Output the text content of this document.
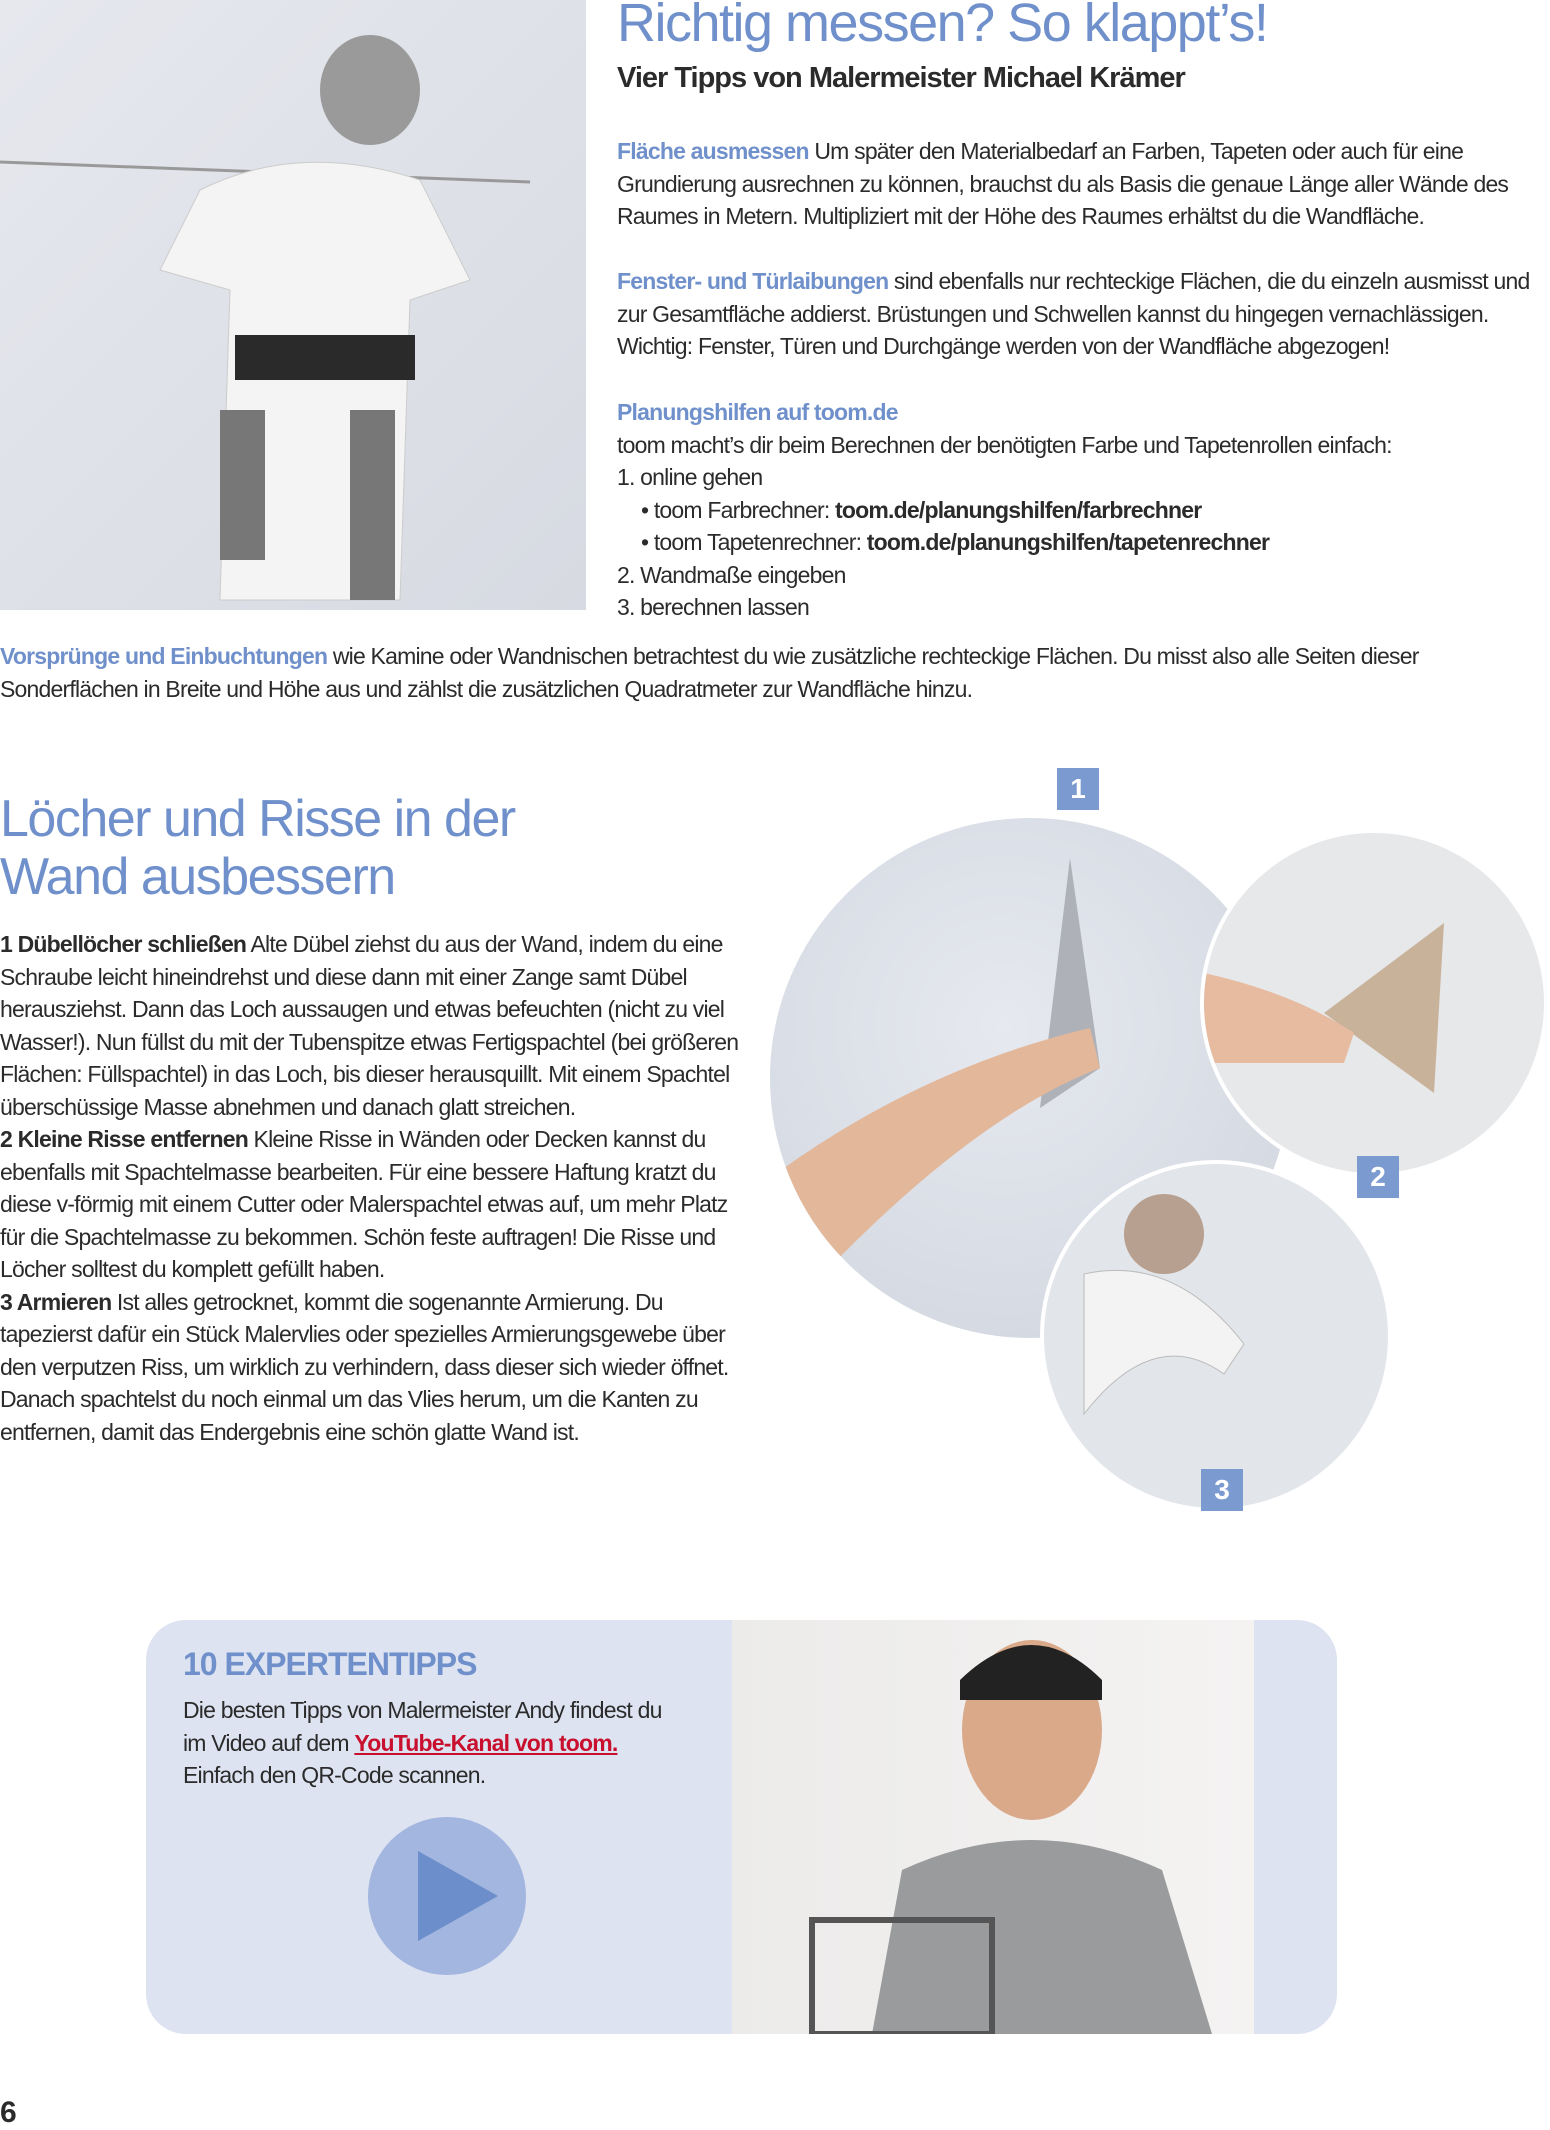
Richtig messen? So klappt’s!
Vier Tipps von Malermeister Michael Krämer

Fläche ausmessen Um später den Materialbedarf an Farben, Tapeten oder auch für eine Grundierung ausrechnen zu können, brauchst du als Basis die genaue Länge aller Wände des Raumes in Metern. Multipliziert mit der Höhe des Raumes erhältst du die Wandfläche.

Fenster- und Türlaibungen sind ebenfalls nur rechteckige Flächen, die du einzeln ausmisst und zur Gesamtfläche addierst. Brüstungen und Schwellen kannst du hingegen vernachlässigen. Wichtig: Fenster, Türen und Durchgänge werden von der Wandfläche abgezogen!

Planungshilfen auf toom.de
toom macht’s dir beim Berechnen der benötigten Farbe und Tapetenrollen einfach:
1. online gehen
• toom Farbrechner: toom.de/planungshilfen/farbrechner
• toom Tapetenrechner: toom.de/planungshilfen/tapetenrechner
2. Wandmaße eingeben
3. berechnen lassen

Vorsprünge und Einbuchtungen wie Kamine oder Wandnischen betrachtest du wie zusätzliche rechteckige Flächen. Du misst also alle Seiten dieser Sonderflächen in Breite und Höhe aus und zählst die zusätzlichen Quadratmeter zur Wandfläche hinzu.

Löcher und Risse in der
Wand ausbessern

1 Dübellöcher schließen Alte Dübel ziehst du aus der Wand, indem du eine Schraube leicht hineindrehst und diese dann mit einer Zange samt Dübel herausziehst. Dann das Loch aussaugen und etwas befeuchten (nicht zu viel Wasser!). Nun füllst du mit der Tubenspitze etwas Fertigspachtel (bei größeren Flächen: Füllspachtel) in das Loch, bis dieser herausquillt. Mit einem Spachtel überschüssige Masse abnehmen und danach glatt streichen.

2 Kleine Risse entfernen Kleine Risse in Wänden oder Decken kannst du ebenfalls mit Spachtelmasse bearbeiten. Für eine bessere Haftung kratzt du diese v-förmig mit einem Cutter oder Malerspachtel etwas auf, um mehr Platz für die Spachtelmasse zu bekommen. Schön feste auftragen! Die Risse und Löcher solltest du komplett gefüllt haben.

3 Armieren Ist alles getrocknet, kommt die sogenannte Armierung. Du tapezierst dafür ein Stück Malervlies oder spezielles Armierungsgewebe über den verputzen Riss, um wirklich zu verhindern, dass dieser sich wieder öffnet. Danach spachtelst du noch einmal um das Vlies herum, um die Kanten zu entfernen, damit das Endergebnis eine schön glatte Wand ist.

1
2
3
10 EXPERTENTIPPS
Die besten Tipps von Malermeister Andy findest du
im Video auf dem YouTube-Kanal von toom.
Einfach den QR-Code scannen.
6
